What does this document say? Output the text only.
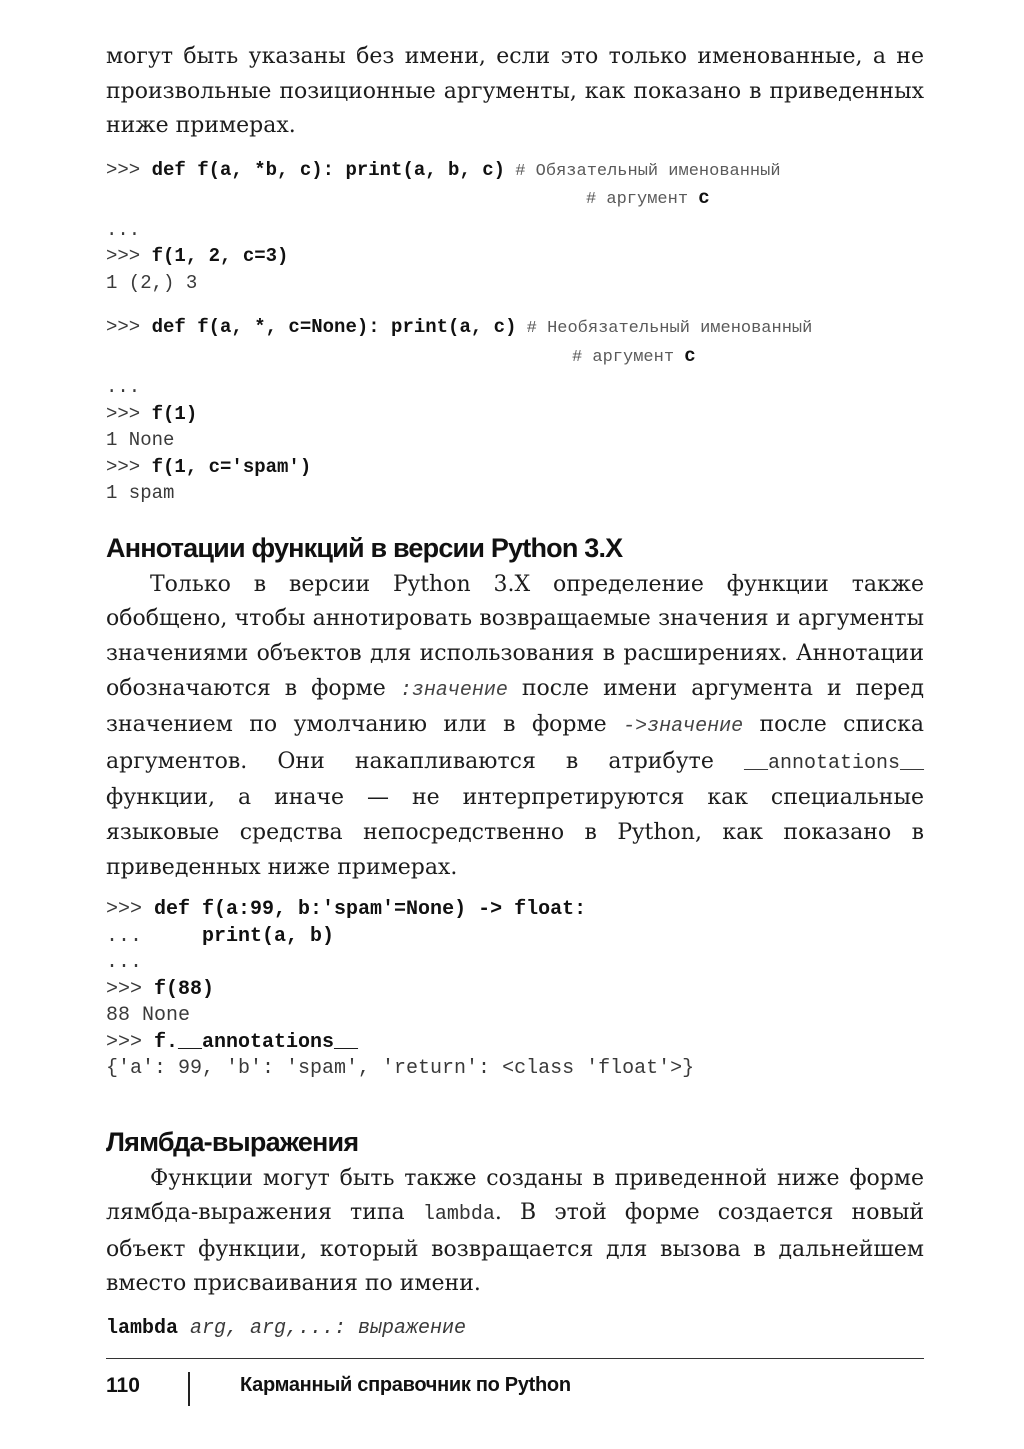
могут быть указаны без имени, если это только именованные, а не произвольные позиционные аргументы, как показано в приведенных ниже примерах.

>>> def f(a, *b, c): print(a, b, c) # Обязательный именованный
# аргумент c
...
>>> f(1, 2, c=3)
1 (2,) 3
>>> def f(a, *, c=None): print(a, c) # Необязательный именованный
# аргумент c
...
>>> f(1)
1 None
>>> f(1, c='spam')
1 spam
Аннотации функций в версии Python 3.X

Только в версии Python 3.X определение функции также обобщено, чтобы аннотировать возвращаемые значения и аргументы значениями объектов для использования в расширениях. Аннотации обозначаются в форме :значение после имени аргумента и перед значением по умолчанию или в форме ->значение после списка аргументов. Они накапливаются в атрибуте __annotations__ функции, а иначе — не интерпретируются как специальные языковые средства непосредственно в Python, как показано в приведенных ниже примерах.

>>> def f(a:99, b:'spam'=None) -> float:
...     print(a, b)
...
>>> f(88)
88 None
>>> f.__annotations__
{'a': 99, 'b': 'spam', 'return': <class 'float'>}
Лямбда-выражения

Функции могут быть также созданы в приведенной ниже форме лямбда-выражения типа lambda. В этой форме создается новый объект функции, который возвращается для вызова в дальнейшем вместо присваивания по имени.

lambda arg, arg,...: выражение
110	Карманный справочник по Python
